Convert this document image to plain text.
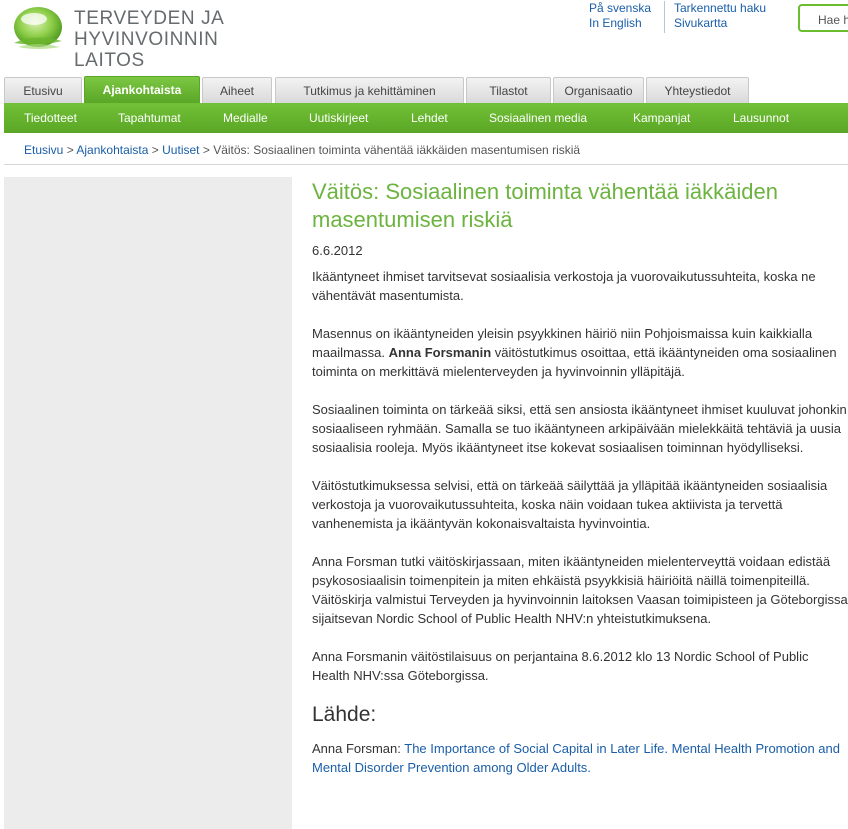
TERVEYDEN JA
HYVINVOINNIN LAITOS
På svenska
In English
Tarkennettu haku
Sivukartta
Hae h
Etusivu	Ajankohtaista	Aiheet	Tutkimus ja kehittäminen	Tilastot	Organisaatio	Yhteystiedot
Tiedotteet	Tapahtumat	Medialle	Uutiskirjeet	Lehdet	Sosiaalinen media	Kampanjat	Lausunnot
Etusivu > Ajankohtaista > Uutiset > Väitös: Sosiaalinen toiminta vähentää iäkkäiden masentumisen riskiä
Väitös: Sosiaalinen toiminta vähentää iäkkäiden masentumisen riskiä
6.6.2012

Ikääntyneet ihmiset tarvitsevat sosiaalisia verkostoja ja vuorovaikutussuhteita, koska ne vähentävät masentumista.

Masennus on ikääntyneiden yleisin psyykkinen häiriö niin Pohjoismaissa kuin kaikkialla maailmassa. Anna Forsmanin väitöstutkimus osoittaa, että ikääntyneiden oma sosiaalinen toiminta on merkittävä mielenterveyden ja hyvinvoinnin ylläpitäjä.

Sosiaalinen toiminta on tärkeää siksi, että sen ansiosta ikääntyneet ihmiset kuuluvat johonkin sosiaaliseen ryhmään. Samalla se tuo ikääntyneen arkipäivään mielekkäitä tehtäviä ja uusia sosiaalisia rooleja. Myös ikääntyneet itse kokevat sosiaalisen toiminnan hyödylliseksi.

Väitöstutkimuksessa selvisi, että on tärkeää säilyttää ja ylläpitää ikääntyneiden sosiaalisia verkostoja ja vuorovaikutussuhteita, koska näin voidaan tukea aktiivista ja tervettä vanhenemista ja ikääntyvän kokonaisvaltaista hyvinvointia.

Anna Forsman tutki väitöskirjassaan, miten ikääntyneiden mielenterveyttä voidaan edistää psykososiaalisin toimenpitein ja miten ehkäistä psyykkisiä häiriöitä näillä toimenpiteillä. Väitöskirja valmistui Terveyden ja hyvinvoinnin laitoksen Vaasan toimipisteen ja Göteborgissa sijaitsevan Nordic School of Public Health NHV:n yhteistutkimuksena.

Anna Forsmanin väitöstilaisuus on perjantaina 8.6.2012 klo 13 Nordic School of Public Health NHV:ssa Göteborgissa.

Lähde:

Anna Forsman: The Importance of Social Capital in Later Life. Mental Health Promotion and Mental Disorder Prevention among Older Adults.
